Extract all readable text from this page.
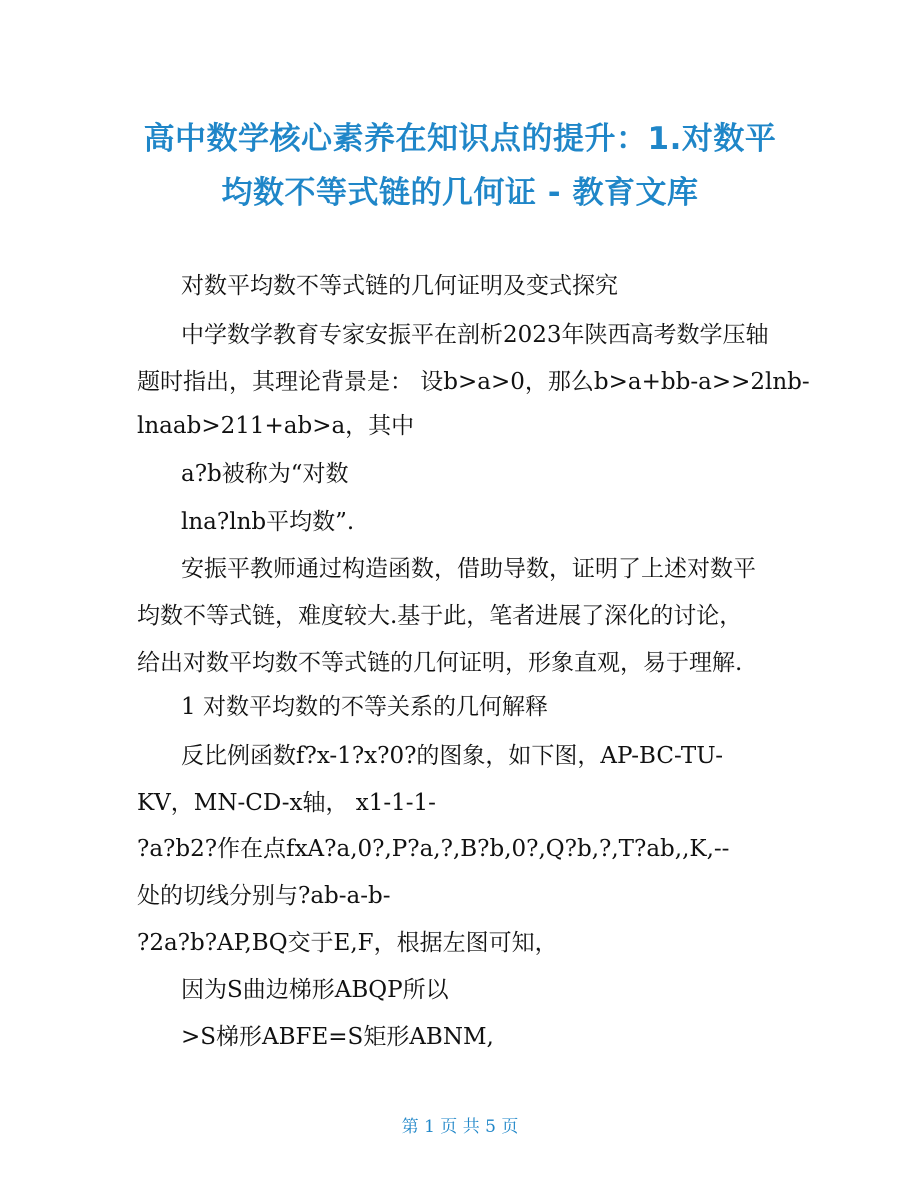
高中数学核心素养在知识点的提升：1.对数平
均数不等式链的几何证 - 教育文库
对数平均数不等式链的几何证明及变式探究
中学数学教育专家安振平在剖析2023年陕西高考数学压轴
题时指出，其理论背景是： 设b>a>0，那么b>a+bb-a>>2lnb-
lnaab>211+ab>a，其中
a?b被称为“对数
lna?lnb平均数”.
安振平教师通过构造函数，借助导数，证明了上述对数平
均数不等式链，难度较大.基于此，笔者进展了深化的讨论，
给出对数平均数不等式链的几何证明，形象直观，易于理解.
1 对数平均数的不等关系的几何解释
反比例函数f?x-1?x?0?的图象，如下图，AP-BC-TU-
KV，MN-CD-x轴， x1-1-1-
?a?b2?作在点fxA?a,0?,P?a,?,B?b,0?,Q?b,?,T?ab,,K,--
处的切线分别与?ab-a-b-
?2a?b?AP,BQ交于E,F，根据左图可知，
因为S曲边梯形ABQP所以
>S梯形ABFE=S矩形ABNM,
第 1 页 共 5 页
